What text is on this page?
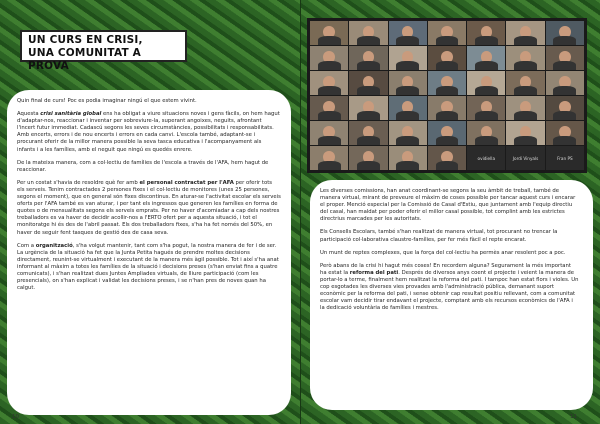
UN CURS EN CRISI,
UNA COMUNITAT A PROVA

Quin final de curs! Poc es podia imaginar ningú el que estem vivint.

Aquesta crisi sanitària global ens ha obligat a viure situacions noves i gens fàcils, on hem hagut d'adaptar-nos, reaccionar i inventar per sobreviure-la, superant angoixes, neguits, afrontant l'incert futur immediat. Cadascú segons les seves circumstàncies, possibilitats i responsabilitats. Amb encerts, errors i de nou encerts i errors en cada canvi. L'escola també, adaptant-se i procurant oferir de la millor manera possible la seva tasca educativa i l'acompanyament als infants i a les famílies, amb el neguit que ningú es quedés enrere.

De la mateixa manera, com a col·lectiu de famílies de l'escola a través de l'AFA, hem hagut de reaccionar.

Per un costat s'havia de resoldre què fer amb el personal contractat per l'AFA per oferir tots els serveis. Tenim contractades 2 persones fixes i el col·lectiu de monitores (unes 25 persones, segons el moment), que en general són fixes discontinus. En aturar-se l'activitat escolar els serveis oferts per l'AFA també es van aturar, i per tant els ingressos que generen les famílies en forma de quotes o de mensualitats segons els serveis emprats. Per no haver d'acomiadar a cap dels nostres treballadors es va haver de decidir acollir-nos a l'ERTO ofert per a aquesta situació, i tot el monitoratge hi és des de l'abril passat. Els dos treballadors fixes, s'ha ha fet només del 50%, en haver de seguir fent tasques de gestió des de casa seva.

Com a organització, s'ha volgut mantenir, tant com s'ha pogut, la nostra manera de fer i de ser. La urgència de la situació ha fet que la Junta Petita hagués de prendre moltes decisions directament, reunint-se virtualment i executant de la manera més àgil possible. Tot i així s'ha anat informant al màxim a totes les famílies de la situació i decisions preses (s'han enviat fins a quatre comunicats), i s'han realitzat dues Juntes Ampliades virtuals, de lliure participació (com les presencials), on s'han explicat i validat les decisions preses, i se n'han pres de noves quan ha calgut.

10
ovidiella	Jordi Vinyals	Fran PS

Les diverses comissions, han anat coordinant-se segons la seu àmbit de treball, també de manera virtual, mirant de preveure el màxim de coses possible per tancar aquest curs i encarar el proper. Menció especial per la Comissió de Casal d'Estiu, que juntament amb l'equip directiu del casal, han maldat per poder oferir el millor casal possible, tot complint amb les estrictes directrius marcades per les autoritats.

Els Consells Escolars, també s'han realitzat de manera virtual, tot procurant no trencar la participació col·laborativa claustre-famílies, per fer més fàcil el repte encarat.

Un munt de reptes complexes, que la força del col·lectiu ha permès anar resolent poc a poc.

Però abans de la crisi hi hagut més coses! En recordem alguna? Segurament la més important ha estat la reforma del pati. Després de diversos anys coent el projecte i veient la manera de portar-lo a terme, finalment hem realitzat la reforma del pati. I tampoc han estat flors i violes. Un cop esgotades les diverses vies provades amb l'administració pública, demanant suport econòmic per la reforma del pati, i sense obtenir cap resultat positiu rellevant, com a comunitat escolar vam decidir tirar endavant el projecte, comptant amb els recursos econòmics de l'AFA i la dedicació voluntària de famílies i mestres.

11
